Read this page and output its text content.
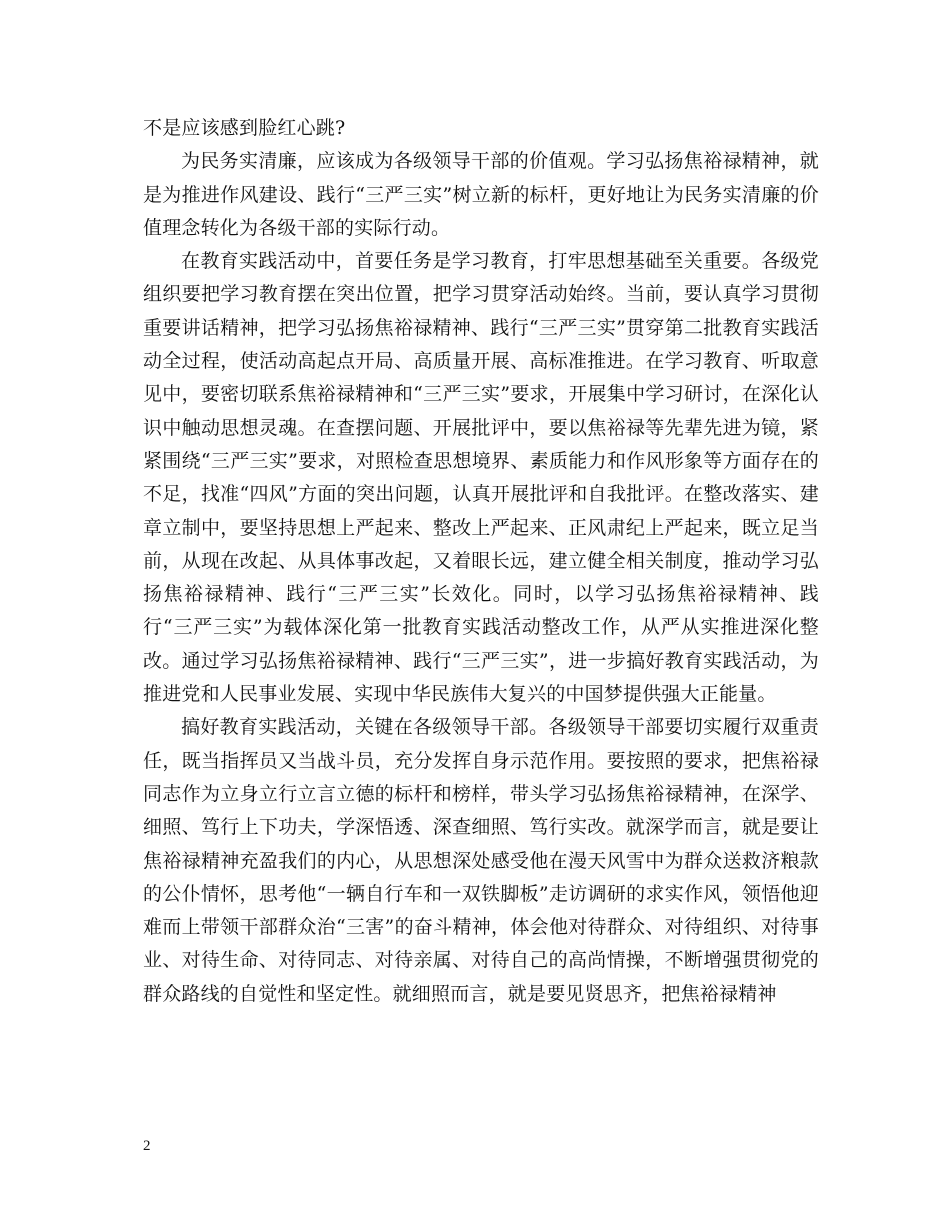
不是应该感到脸红心跳?

为民务实清廉，应该成为各级领导干部的价值观。学习弘扬焦裕禄精神，就是为推进作风建设、践行“三严三实”树立新的标杆，更好地让为民务实清廉的价值理念转化为各级干部的实际行动。

在教育实践活动中，首要任务是学习教育，打牢思想基础至关重要。各级党组织要把学习教育摆在突出位置，把学习贯穿活动始终。当前，要认真学习贯彻重要讲话精神，把学习弘扬焦裕禄精神、践行“三严三实”贯穿第二批教育实践活动全过程，使活动高起点开局、高质量开展、高标准推进。在学习教育、听取意见中，要密切联系焦裕禄精神和“三严三实”要求，开展集中学习研讨，在深化认识中触动思想灵魂。在查摆问题、开展批评中，要以焦裕禄等先辈先进为镜，紧紧围绕“三严三实”要求，对照检查思想境界、素质能力和作风形象等方面存在的不足，找准“四风”方面的突出问题，认真开展批评和自我批评。在整改落实、建章立制中，要坚持思想上严起来、整改上严起来、正风肃纪上严起来，既立足当前，从现在改起、从具体事改起，又着眼长远，建立健全相关制度，推动学习弘扬焦裕禄精神、践行“三严三实”长效化。同时，以学习弘扬焦裕禄精神、践行“三严三实”为载体深化第一批教育实践活动整改工作，从严从实推进深化整改。通过学习弘扬焦裕禄精神、践行“三严三实”，进一步搞好教育实践活动，为推进党和人民事业发展、实现中华民族伟大复兴的中国梦提供强大正能量。

搞好教育实践活动，关键在各级领导干部。各级领导干部要切实履行双重责任，既当指挥员又当战斗员，充分发挥自身示范作用。要按照的要求，把焦裕禄同志作为立身立行立言立德的标杆和榜样，带头学习弘扬焦裕禄精神，在深学、细照、笃行上下功夫，学深悟透、深查细照、笃行实改。就深学而言，就是要让焦裕禄精神充盈我们的内心，从思想深处感受他在漫天风雪中为群众送救济粮款的公仆情怀，思考他“一辆自行车和一双铁脚板”走访调研的求实作风，领悟他迎难而上带领干部群众治“三害”的奋斗精神，体会他对待群众、对待组织、对待事业、对待生命、对待同志、对待亲属、对待自己的高尚情操，不断增强贯彻党的群众路线的自觉性和坚定性。就细照而言，就是要见贤思齐，把焦裕禄精神

2
